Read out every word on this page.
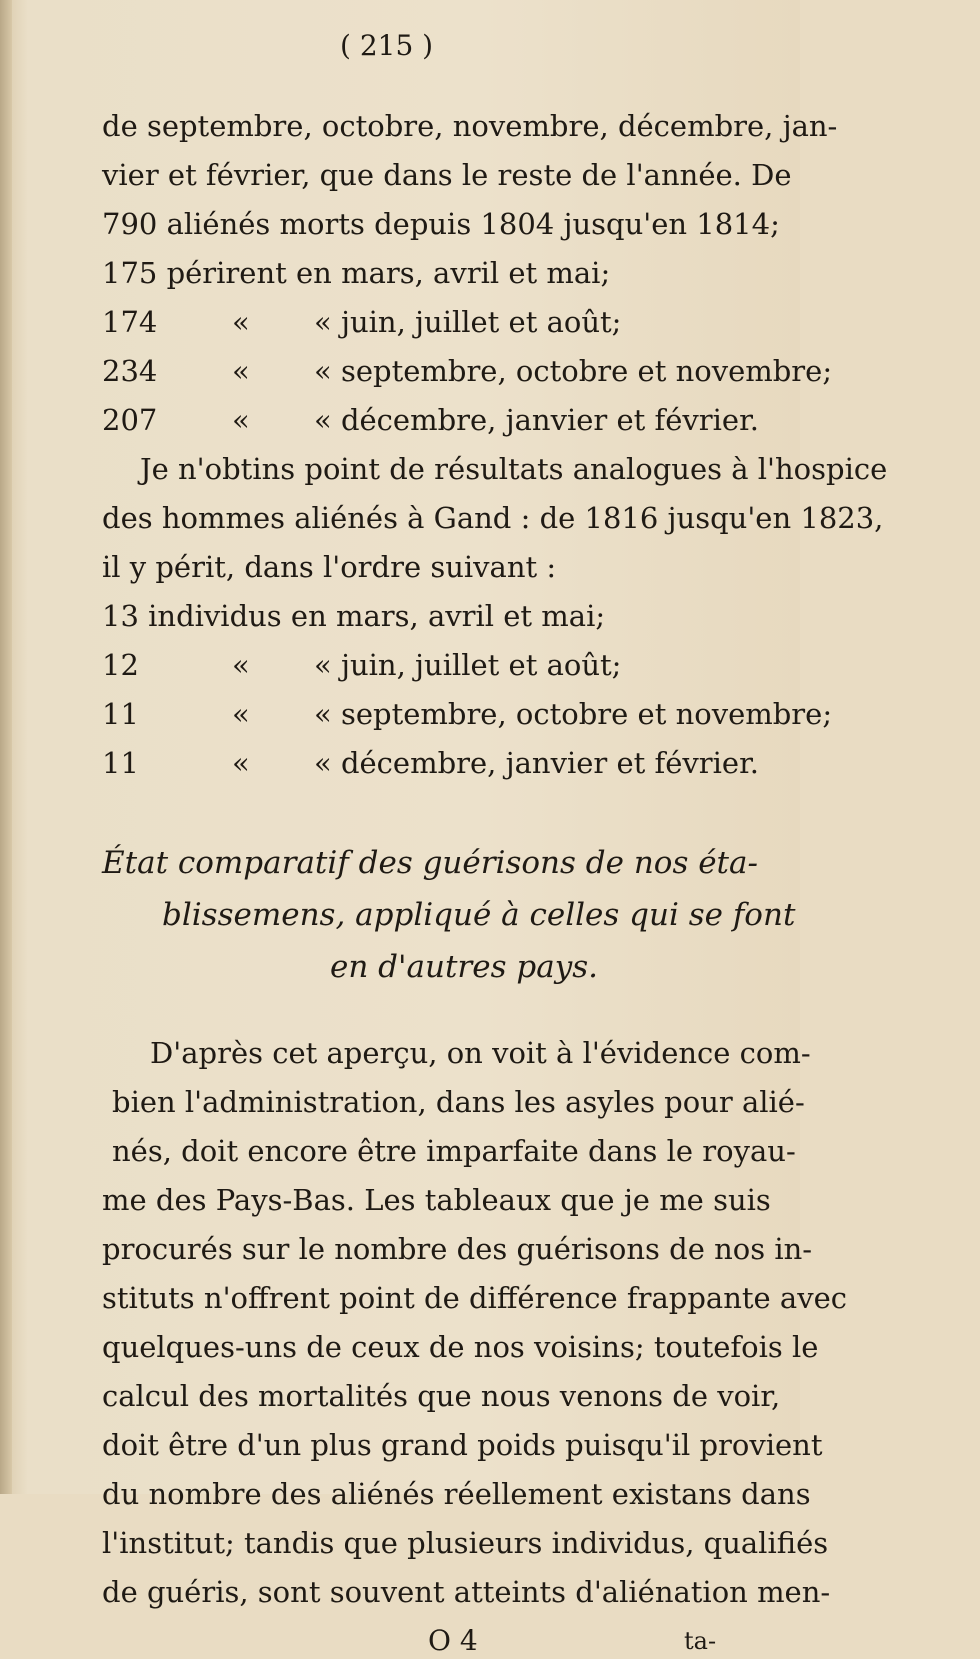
( 215 )
de septembre, octobre, novembre, décembre, jan-
vier et février, que dans le reste de l'année. De
790 aliénés morts depuis 1804 jusqu'en 1814;
175 périrent en mars, avril et mai;
174	« « juin, juillet et août;
234	« « septembre, octobre et novembre;
207	« « décembre, janvier et février.
Je n'obtins point de résultats analogues à l'hospice
des hommes aliénés à Gand : de 1816 jusqu'en 1823,
il y périt, dans l'ordre suivant :
13 individus en mars, avril et mai;
12	« « juin, juillet et août;
11	« « septembre, octobre et novembre;
11	« « décembre, janvier et février.
État comparatif des guérisons de nos éta-
blissemens, appliqué à celles qui se font
en d'autres pays.
D'après cet aperçu, on voit à l'évidence com-
bien l'administration, dans les asyles pour alié-
nés, doit encore être imparfaite dans le royau-
me des Pays-Bas. Les tableaux que je me suis
procurés sur le nombre des guérisons de nos in-
stituts n'offrent point de différence frappante avec
quelques-uns de ceux de nos voisins; toutefois le
calcul des mortalités que nous venons de voir,
doit être d'un plus grand poids puisqu'il provient
du nombre des aliénés réellement existans dans
l'institut; tandis que plusieurs individus, qualifiés
de guéris, sont souvent atteints d'aliénation men-
O 4	ta-
